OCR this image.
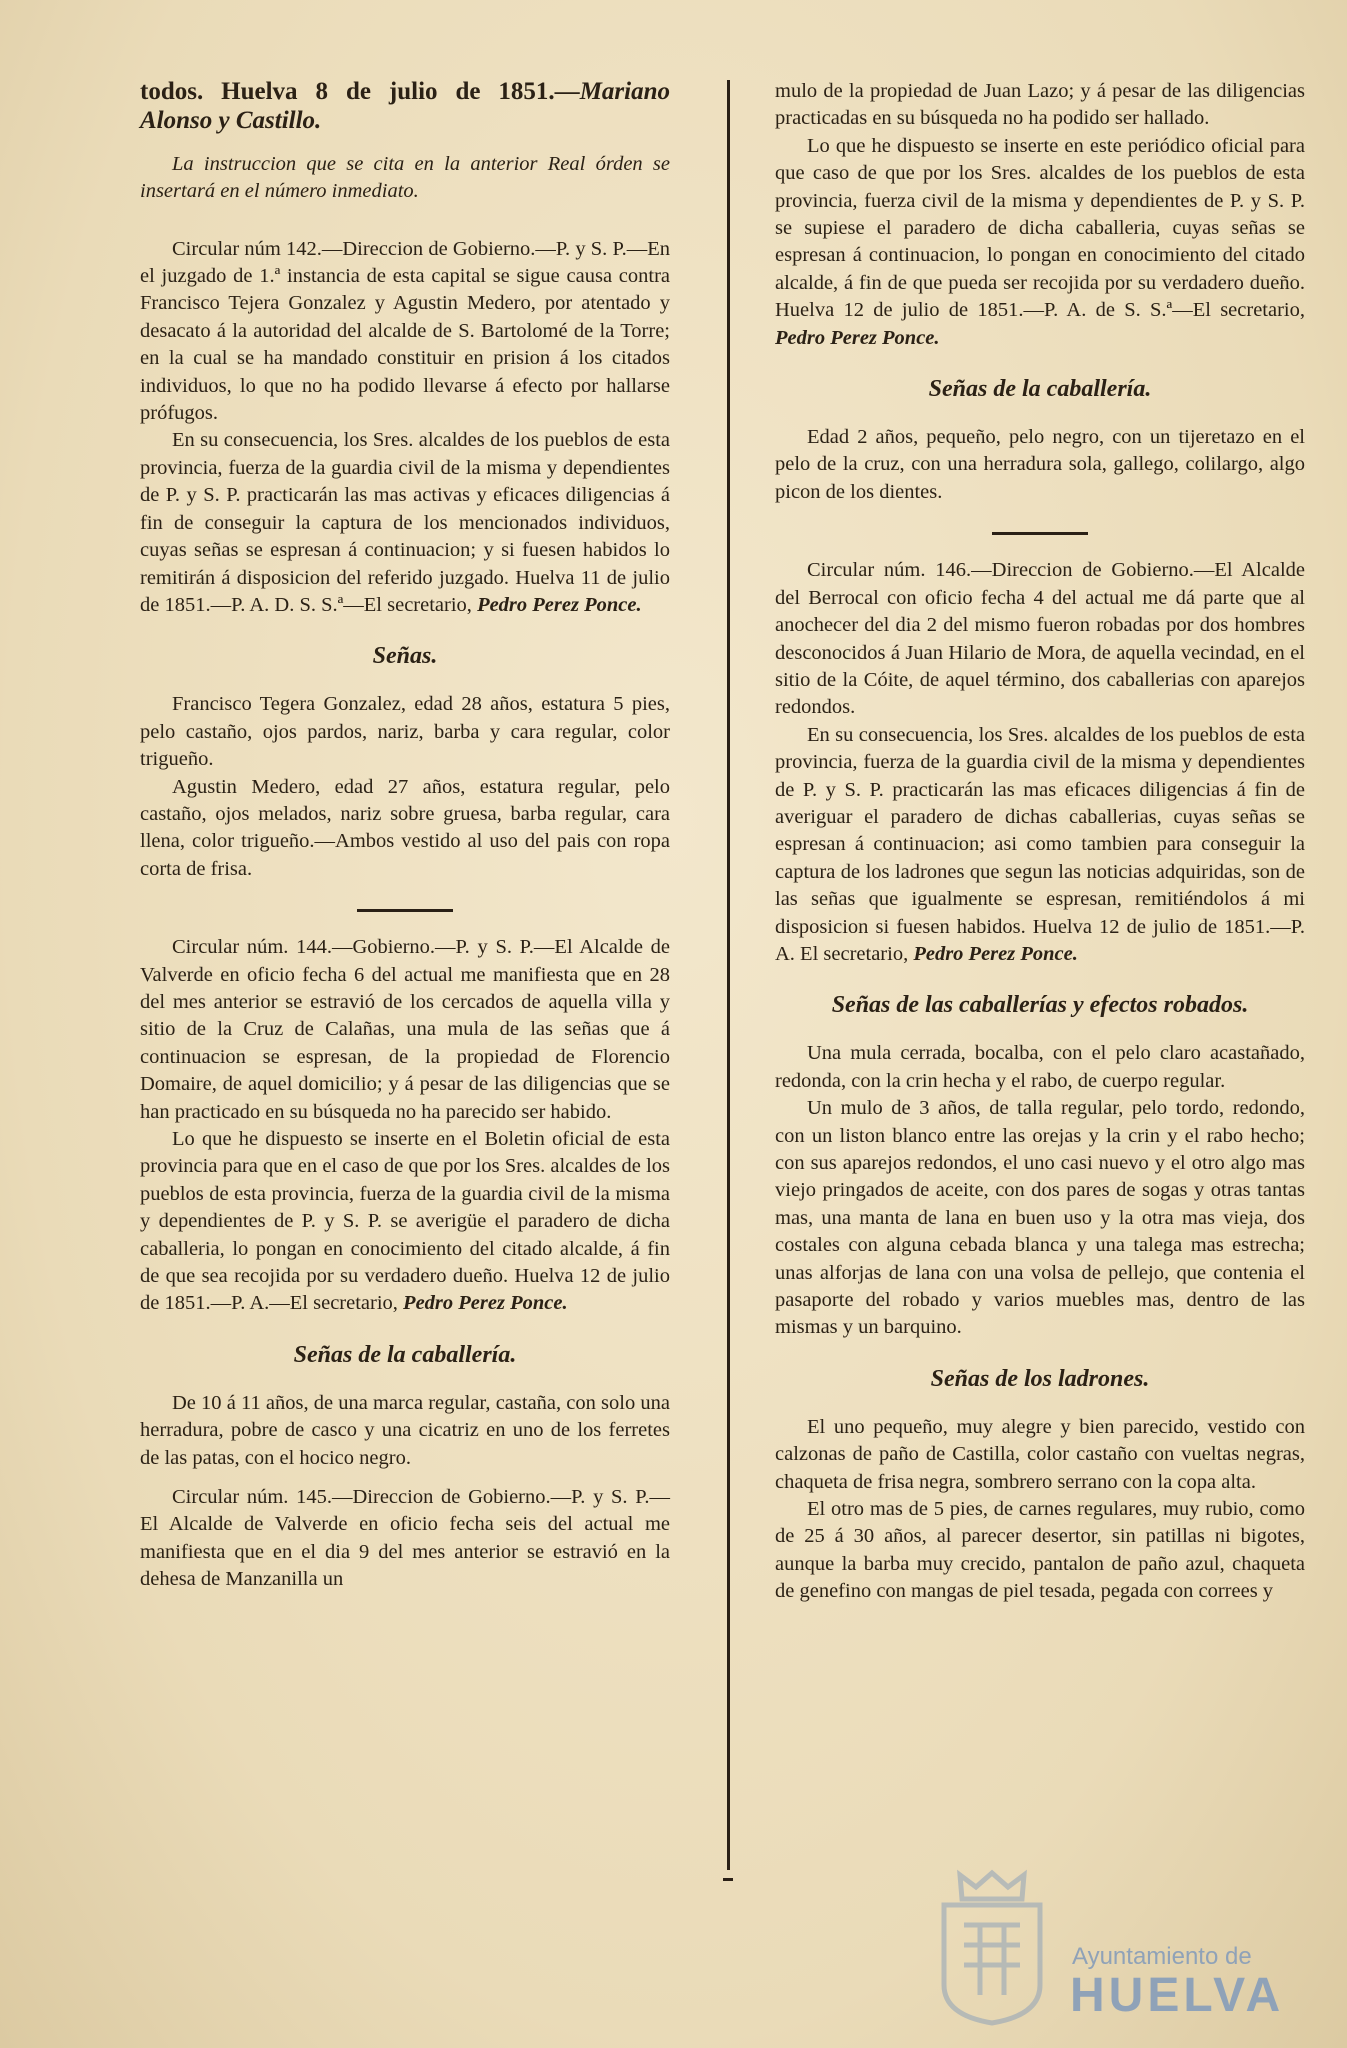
todos. Huelva 8 de julio de 1851.—Mariano Alonso y Castillo.

La instruccion que se cita en la anterior Real órden se insertará en el número inmediato.

Circular núm 142.—Direccion de Gobierno.—P. y S. P.—En el juzgado de 1.ª instancia de esta capital se sigue causa contra Francisco Tejera Gonzalez y Agustin Medero, por atentado y desacato á la autoridad del alcalde de S. Bartolomé de la Torre; en la cual se ha mandado constituir en prision á los citados individuos, lo que no ha podido llevarse á efecto por hallarse prófugos.

En su consecuencia, los Sres. alcaldes de los pueblos de esta provincia, fuerza de la guardia civil de la misma y dependientes de P. y S. P. practicarán las mas activas y eficaces diligencias á fin de conseguir la captura de los mencionados individuos, cuyas señas se espresan á continuacion; y si fuesen habidos lo remitirán á disposicion del referido juzgado. Huelva 11 de julio de 1851.—P. A. D. S. S.ª—El secretario, Pedro Perez Ponce.

Señas.

Francisco Tegera Gonzalez, edad 28 años, estatura 5 pies, pelo castaño, ojos pardos, nariz, barba y cara regular, color trigueño.

Agustin Medero, edad 27 años, estatura regular, pelo castaño, ojos melados, nariz sobre gruesa, barba regular, cara llena, color trigueño.—Ambos vestido al uso del pais con ropa corta de frisa.

Circular núm. 144.—Gobierno.—P. y S. P.—El Alcalde de Valverde en oficio fecha 6 del actual me manifiesta que en 28 del mes anterior se estravió de los cercados de aquella villa y sitio de la Cruz de Calañas, una mula de las señas que á continuacion se espresan, de la propiedad de Florencio Domaire, de aquel domicilio; y á pesar de las diligencias que se han practicado en su búsqueda no ha parecido ser habido.

Lo que he dispuesto se inserte en el Boletin oficial de esta provincia para que en el caso de que por los Sres. alcaldes de los pueblos de esta provincia, fuerza de la guardia civil de la misma y dependientes de P. y S. P. se averigüe el paradero de dicha caballeria, lo pongan en conocimiento del citado alcalde, á fin de que sea recojida por su verdadero dueño. Huelva 12 de julio de 1851.—P. A.—El secretario, Pedro Perez Ponce.

Señas de la caballería.

De 10 á 11 años, de una marca regular, castaña, con solo una herradura, pobre de casco y una cicatriz en uno de los ferretes de las patas, con el hocico negro.

Circular núm. 145.—Direccion de Gobierno.—P. y S. P.—El Alcalde de Valverde en oficio fecha seis del actual me manifiesta que en el dia 9 del mes anterior se estravió en la dehesa de Manzanilla un

mulo de la propiedad de Juan Lazo; y á pesar de las diligencias practicadas en su búsqueda no ha podido ser hallado.

Lo que he dispuesto se inserte en este periódico oficial para que caso de que por los Sres. alcaldes de los pueblos de esta provincia, fuerza civil de la misma y dependientes de P. y S. P. se supiese el paradero de dicha caballeria, cuyas señas se espresan á continuacion, lo pongan en conocimiento del citado alcalde, á fin de que pueda ser recojida por su verdadero dueño. Huelva 12 de julio de 1851.—P. A. de S. S.ª—El secretario, Pedro Perez Ponce.

Señas de la caballería.

Edad 2 años, pequeño, pelo negro, con un tijeretazo en el pelo de la cruz, con una herradura sola, gallego, colilargo, algo picon de los dientes.

Circular núm. 146.—Direccion de Gobierno.—El Alcalde del Berrocal con oficio fecha 4 del actual me dá parte que al anochecer del dia 2 del mismo fueron robadas por dos hombres desconocidos á Juan Hilario de Mora, de aquella vecindad, en el sitio de la Cóite, de aquel término, dos caballerias con aparejos redondos.

En su consecuencia, los Sres. alcaldes de los pueblos de esta provincia, fuerza de la guardia civil de la misma y dependientes de P. y S. P. practicarán las mas eficaces diligencias á fin de averiguar el paradero de dichas caballerias, cuyas señas se espresan á continuacion; asi como tambien para conseguir la captura de los ladrones que segun las noticias adquiridas, son de las señas que igualmente se espresan, remitiéndolos á mi disposicion si fuesen habidos. Huelva 12 de julio de 1851.—P. A. El secretario, Pedro Perez Ponce.

Señas de las caballerías y efectos robados.

Una mula cerrada, bocalba, con el pelo claro acastañado, redonda, con la crin hecha y el rabo, de cuerpo regular.

Un mulo de 3 años, de talla regular, pelo tordo, redondo, con un liston blanco entre las orejas y la crin y el rabo hecho; con sus aparejos redondos, el uno casi nuevo y el otro algo mas viejo pringados de aceite, con dos pares de sogas y otras tantas mas, una manta de lana en buen uso y la otra mas vieja, dos costales con alguna cebada blanca y una talega mas estrecha; unas alforjas de lana con una volsa de pellejo, que contenia el pasaporte del robado y varios muebles mas, dentro de las mismas y un barquino.

Señas de los ladrones.

El uno pequeño, muy alegre y bien parecido, vestido con calzonas de paño de Castilla, color castaño con vueltas negras, chaqueta de frisa negra, sombrero serrano con la copa alta.

El otro mas de 5 pies, de carnes regulares, muy rubio, como de 25 á 30 años, al parecer desertor, sin patillas ni bigotes, aunque la barba muy crecido, pantalon de paño azul, chaqueta de genefino con mangas de piel tesada, pegada con correes y

Ayuntamiento de
HUELVA
